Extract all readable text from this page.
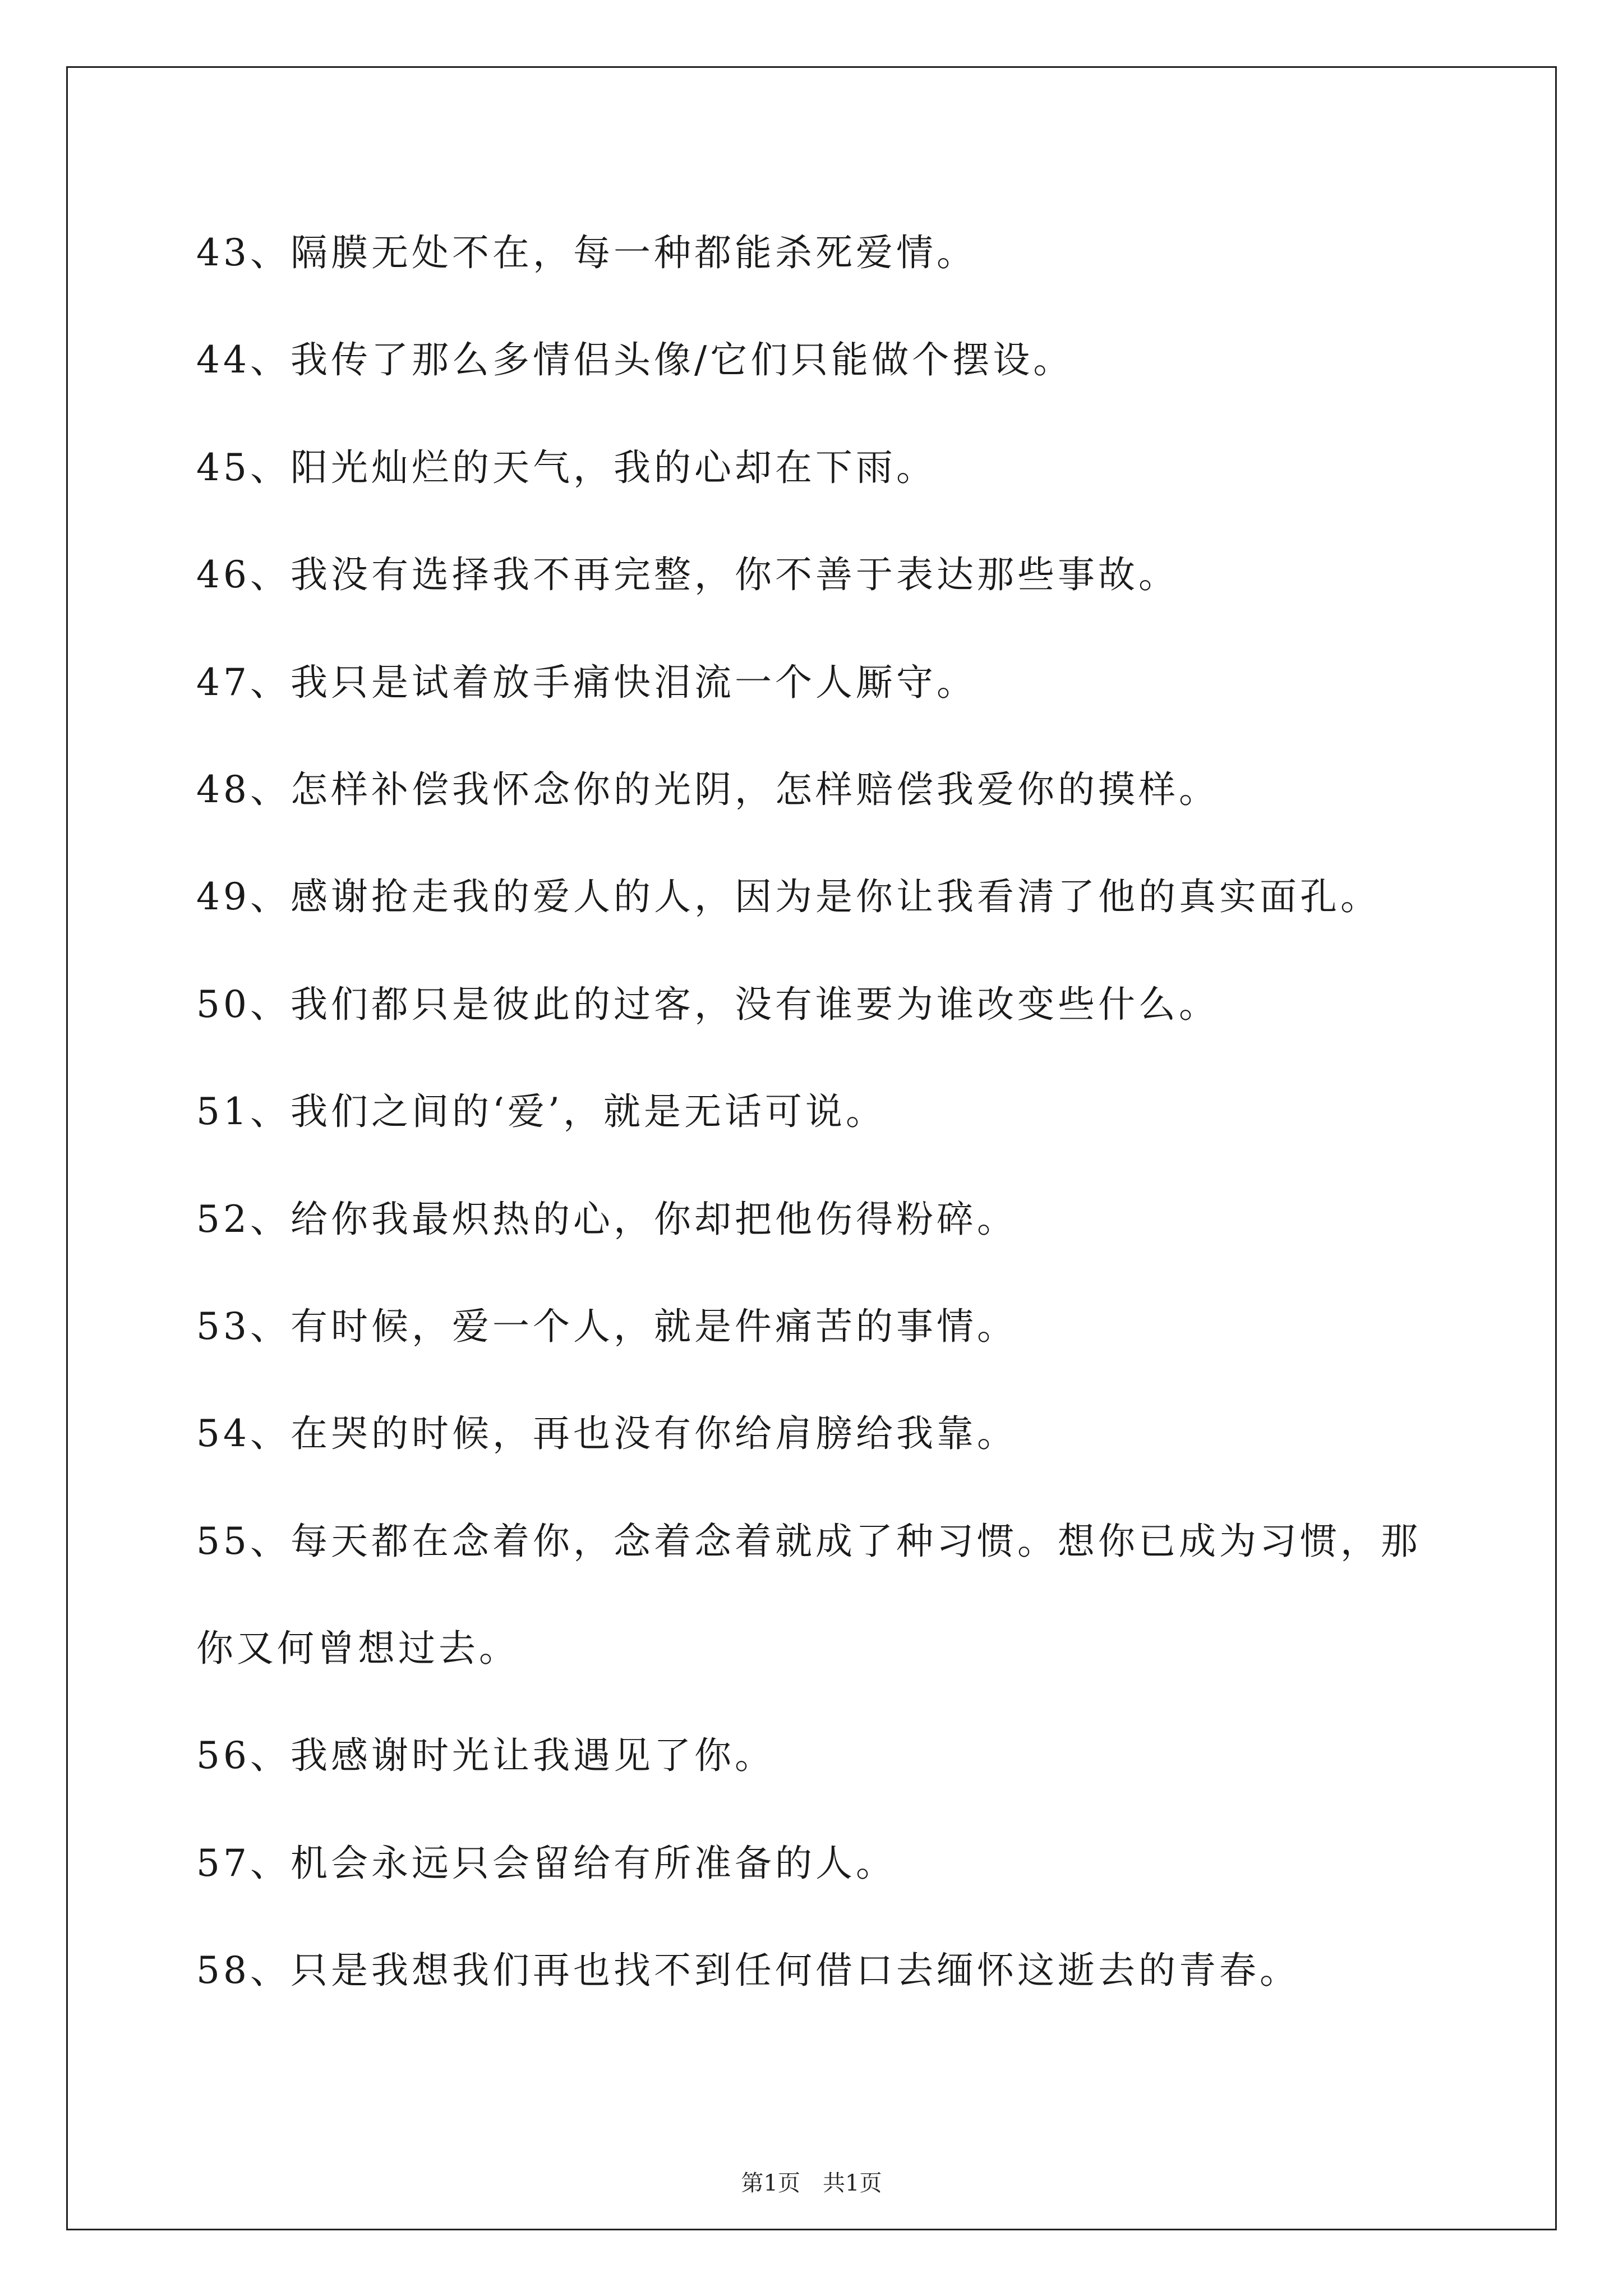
43、隔膜无处不在，每一种都能杀死爱情。
44、我传了那么多情侣头像/它们只能做个摆设。
45、阳光灿烂的天气，我的心却在下雨。
46、我没有选择我不再完整，你不善于表达那些事故。
47、我只是试着放手痛快泪流一个人厮守。
48、怎样补偿我怀念你的光阴，怎样赔偿我爱你的摸样。
49、感谢抢走我的爱人的人，因为是你让我看清了他的真实面孔。
50、我们都只是彼此的过客，没有谁要为谁改变些什么。
51、我们之间的‘爱’，就是无话可说。
52、给你我最炽热的心，你却把他伤得粉碎。
53、有时候，爱一个人，就是件痛苦的事情。
54、在哭的时候，再也没有你给肩膀给我靠。
55、每天都在念着你，念着念着就成了种习惯。想你已成为习惯，那
你又何曾想过去。
56、我感谢时光让我遇见了你。
57、机会永远只会留给有所准备的人。
58、只是我想我们再也找不到任何借口去缅怀这逝去的青春。
第1页　共1页
